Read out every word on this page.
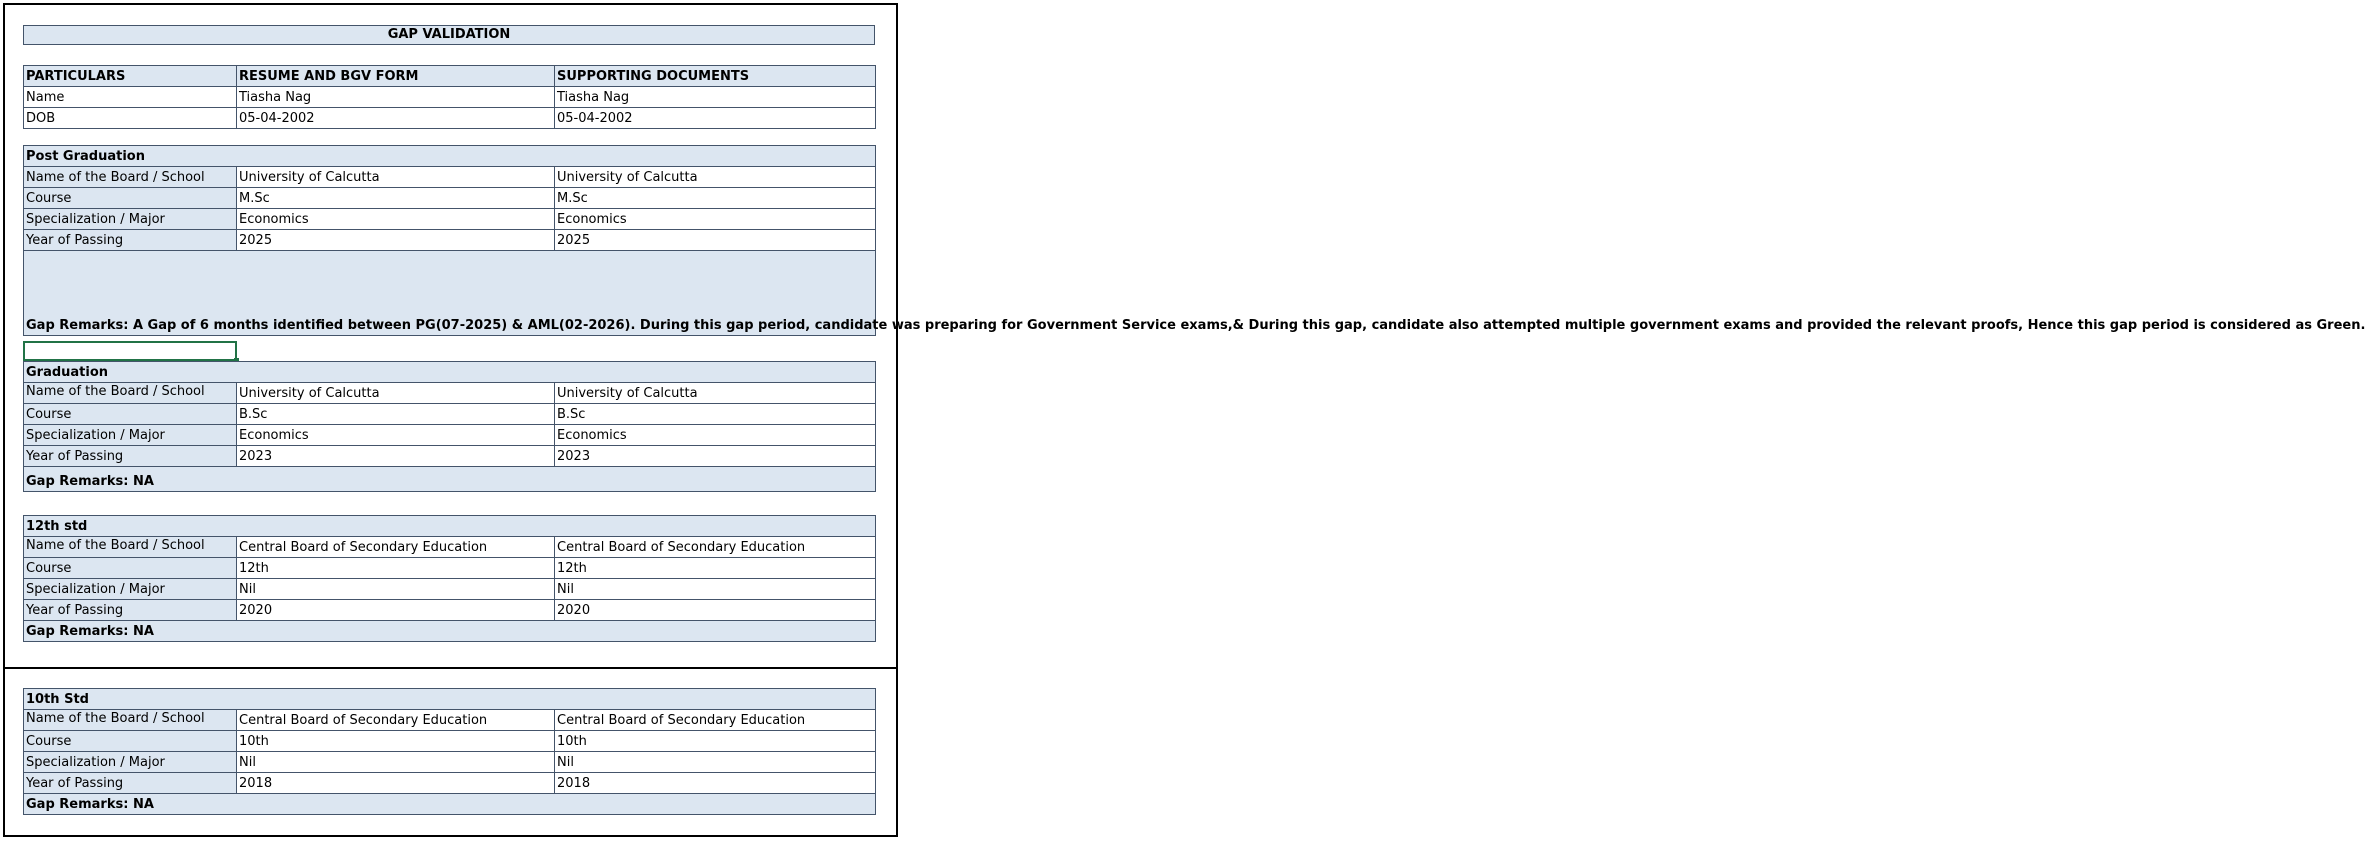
GAP VALIDATION
PARTICULARS	RESUME AND BGV FORM	SUPPORTING DOCUMENTS
Name	Tiasha Nag	Tiasha Nag
DOB	05-04-2002	05-04-2002
Post Graduation		
Name of the Board / School	University of Calcutta	University of Calcutta
Course	M.Sc	M.Sc
Specialization / Major	Economics	Economics
Year of Passing	2025	2025
Gap Remarks: A Gap of 6 months identified between PG(07-2025) & AML(02-2026). During this gap period, candidate was preparing for Government Service exams,& During this gap, candidate also attempted multiple government exams and provided the relevant proofs, Hence this gap period is considered as Green.		
Graduation		
Name of the Board / School	University of Calcutta	University of Calcutta
Course	B.Sc	B.Sc
Specialization / Major	Economics	Economics
Year of Passing	2023	2023
Gap Remarks: NA		
12th std		
Name of the Board / School	Central Board of Secondary Education	Central Board of Secondary Education
Course	12th	12th
Specialization / Major	Nil	Nil
Year of Passing	2020	2020
Gap Remarks: NA		
10th Std		
Name of the Board / School	Central Board of Secondary Education	Central Board of Secondary Education
Course	10th	10th
Specialization / Major	Nil	Nil
Year of Passing	2018	2018
Gap Remarks: NA		
